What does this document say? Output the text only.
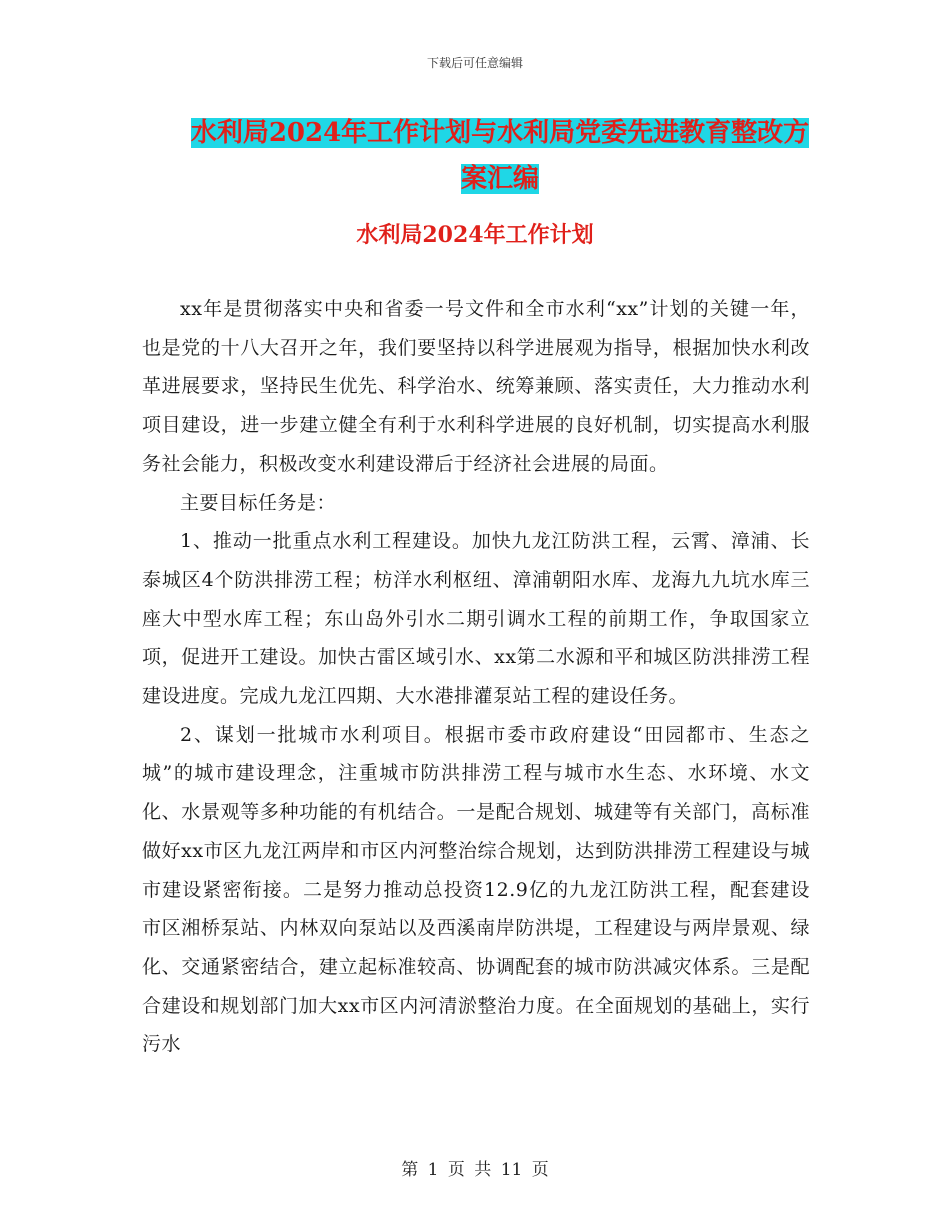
下载后可任意编辑
水利局2024年工作计划与水利局党委先进教育整改方
案汇编
水利局2024年工作计划

xx年是贯彻落实中央和省委一号文件和全市水利“xx”计划的关键一年，也是党的十八大召开之年，我们要坚持以科学进展观为指导，根据加快水利改革进展要求，坚持民生优先、科学治水、统筹兼顾、落实责任，大力推动水利项目建设，进一步建立健全有利于水利科学进展的良好机制，切实提高水利服务社会能力，积极改变水利建设滞后于经济社会进展的局面。

主要目标任务是：

1、推动一批重点水利工程建设。加快九龙江防洪工程，云霄、漳浦、长泰城区4个防洪排涝工程；枋洋水利枢纽、漳浦朝阳水库、龙海九九坑水库三座大中型水库工程；东山岛外引水二期引调水工程的前期工作，争取国家立项，促进开工建设。加快古雷区域引水、xx第二水源和平和城区防洪排涝工程建设进度。完成九龙江四期、大水港排灌泵站工程的建设任务。

2、谋划一批城市水利项目。根据市委市政府建设“田园都市、生态之城”的城市建设理念，注重城市防洪排涝工程与城市水生态、水环境、水文化、水景观等多种功能的有机结合。一是配合规划、城建等有关部门，高标准做好xx市区九龙江两岸和市区内河整治综合规划，达到防洪排涝工程建设与城市建设紧密衔接。二是努力推动总投资12.9亿的九龙江防洪工程，配套建设市区湘桥泵站、内林双向泵站以及西溪南岸防洪堤，工程建设与两岸景观、绿化、交通紧密结合，建立起标准较高、协调配套的城市防洪减灾体系。三是配合建设和规划部门加大xx市区内河清淤整治力度。在全面规划的基础上，实行污水

第 1 页 共 11 页
